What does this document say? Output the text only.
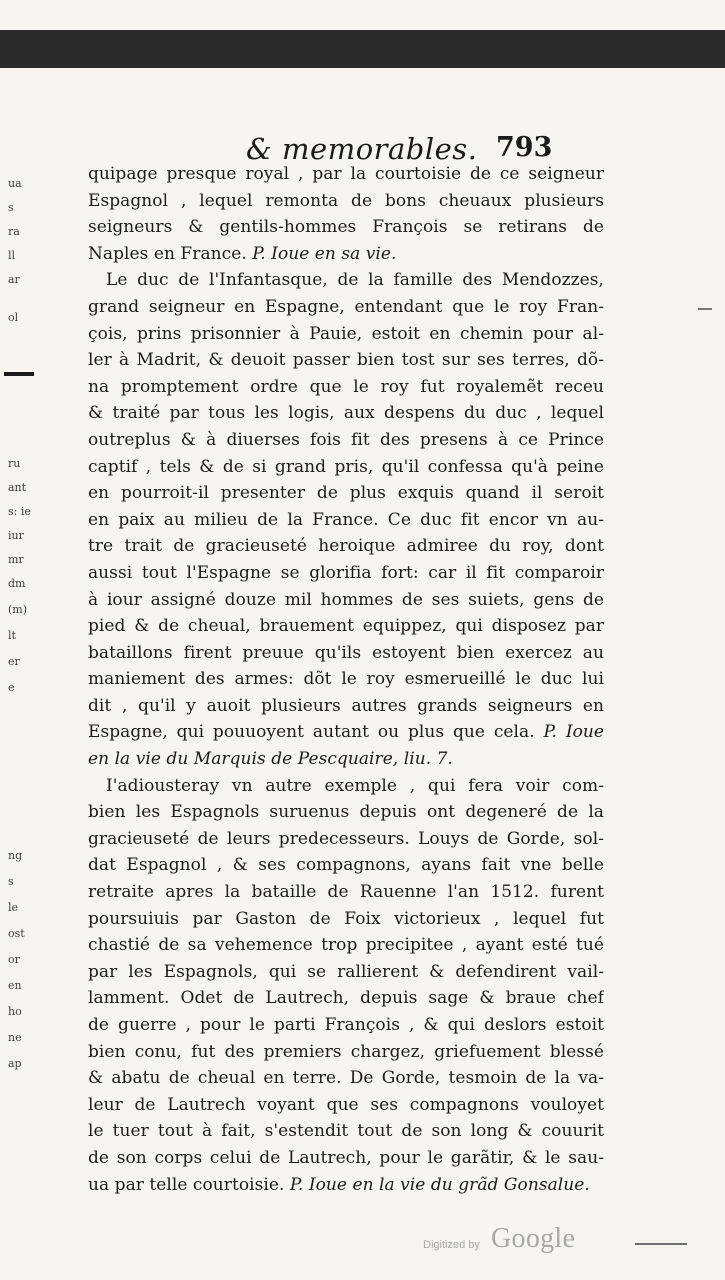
& memorables. 793
quipage presque royal , par la courtoisie de ce seigneur
Espagnol , lequel remonta de bons cheuaux plusieurs
seigneurs & gentils-hommes François se retirans de
Naples en France. P. Ioue en sa vie.
Le duc de l'Infantasque, de la famille des Mendozzes,
grand seigneur en Espagne, entendant que le roy Fran-
çois, prins prisonnier à Pauie, estoit en chemin pour al-
ler à Madrit, & deuoit passer bien tost sur ses terres, dõ-
na promptement ordre que le roy fut royalemẽt receu
& traité par tous les logis, aux despens du duc , lequel
outreplus & à diuerses fois fit des presens à ce Prince
captif , tels & de si grand pris, qu'il confessa qu'à peine
en pourroit-il presenter de plus exquis quand il seroit
en paix au milieu de la France. Ce duc fit encor vn au-
tre trait de gracieuseté heroique admiree du roy, dont
aussi tout l'Espagne se glorifia fort: car il fit comparoir
à iour assigné douze mil hommes de ses suiets, gens de
pied & de cheual, brauement equippez, qui disposez par
bataillons firent preuue qu'ils estoyent bien exercez au
maniement des armes: dõt le roy esmerueillé le duc lui
dit , qu'il y auoit plusieurs autres grands seigneurs en
Espagne, qui pouuoyent autant ou plus que cela. P. Ioue
en la vie du Marquis de Pescquaire, liu. 7.
I'adiousteray vn autre exemple , qui fera voir com-
bien les Espagnols suruenus depuis ont degeneré de la
gracieuseté de leurs predecesseurs. Louys de Gorde, sol-
dat Espagnol , & ses compagnons, ayans fait vne belle
retraite apres la bataille de Rauenne l'an 1512. furent
poursuiuis par Gaston de Foix victorieux , lequel fut
chastié de sa vehemence trop precipitee , ayant esté tué
par les Espagnols, qui se rallierent & defendirent vail-
lamment. Odet de Lautrech, depuis sage & braue chef
de guerre , pour le parti François , & qui deslors estoit
bien conu, fut des premiers chargez, griefuement blessé
& abatu de cheual en terre. De Gorde, tesmoin de la va-
leur de Lautrech voyant que ses compagnons vouloyet
le tuer tout à fait, s'estendit tout de son long & couurit
de son corps celui de Lautrech, pour le garãtir, & le sau-
ua par telle courtoisie. P. Ioue en la vie du grãd Gonsalue.
ua
s
ra
ll
ar
ol
ru
ant
s: ie
iur
mr
dm
(m)
lt
er
e
ng
s
le
ost
or
en
ho
ne
ap
Digitized by Google
